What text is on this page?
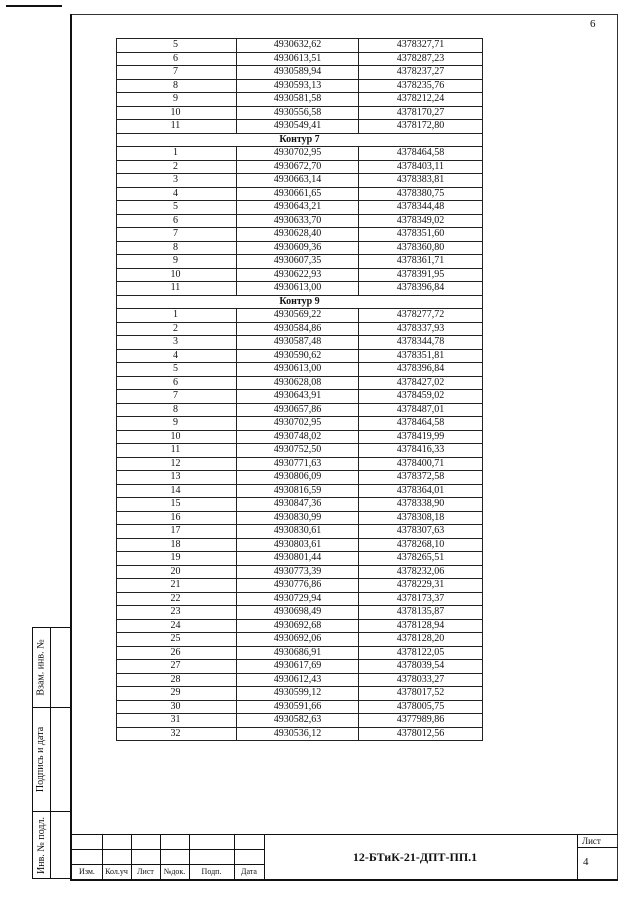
6
5	4930632,62	4378327,71
6	4930613,51	4378287,23
7	4930589,94	4378237,27
8	4930593,13	4378235,76
9	4930581,58	4378212,24
10	4930556,58	4378170,27
11	4930549,41	4378172,80
Контур 7		
1	4930702,95	4378464,58
2	4930672,70	4378403,11
3	4930663,14	4378383,81
4	4930661,65	4378380,75
5	4930643,21	4378344,48
6	4930633,70	4378349,02
7	4930628,40	4378351,60
8	4930609,36	4378360,80
9	4930607,35	4378361,71
10	4930622,93	4378391,95
11	4930613,00	4378396,84
Контур 9		
1	4930569,22	4378277,72
2	4930584,86	4378337,93
3	4930587,48	4378344,78
4	4930590,62	4378351,81
5	4930613,00	4378396,84
6	4930628,08	4378427,02
7	4930643,91	4378459,02
8	4930657,86	4378487,01
9	4930702,95	4378464,58
10	4930748,02	4378419,99
11	4930752,50	4378416,33
12	4930771,63	4378400,71
13	4930806,09	4378372,58
14	4930816,59	4378364,01
15	4930847,36	4378338,90
16	4930830,99	4378308,18
17	4930830,61	4378307,63
18	4930803,61	4378268,10
19	4930801,44	4378265,51
20	4930773,39	4378232,06
21	4930776,86	4378229,31
22	4930729,94	4378173,37
23	4930698,49	4378135,87
24	4930692,68	4378128,94
25	4930692,06	4378128,20
26	4930686,91	4378122,05
27	4930617,69	4378039,54
28	4930612,43	4378033,27
29	4930599,12	4378017,52
30	4930591,66	4378005,75
31	4930582,63	4377989,86
32	4930536,12	4378012,56
Взам. инв. №
Подпись и дата
Инв. № подл.	Изм.	Кол.уч	Лист	№док.	Подп.	Дата
12-БТиК-21-ДПТ-ПП.1
Лист
4
